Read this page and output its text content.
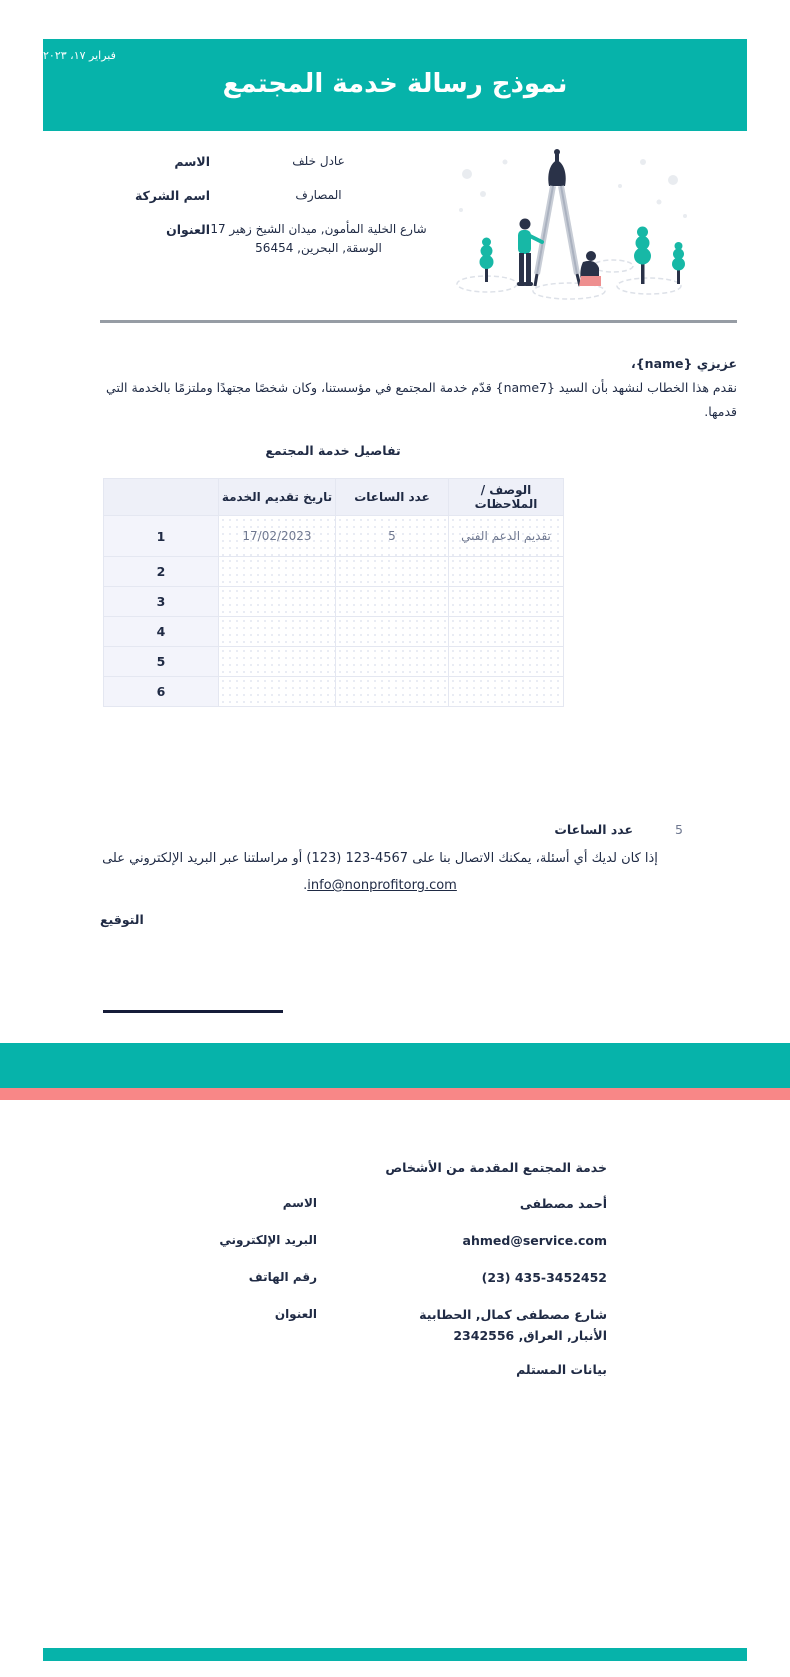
فبراير ١٧، ٢٠٢٣
نموذج رسالة خدمة المجتمع
الاسم	عادل خلف
اسم الشركة	المصارف
العنوان شارع الخلية المأمون, ميدان الشيخ زهير 17
الوسقة, البحرين, 56454
عزيزي {name}،
نقدم هذا الخطاب لنشهد بأن السيد {name7} قدّم خدمة المجتمع في مؤسستنا، وكان شخصًا مجتهدًا وملتزمًا بالخدمة التي قدمها.
تفاصيل خدمة المجتمع
	تاريخ تقديم الخدمة	عدد الساعات	الوصف / الملاحظات
1	17/02/2023	5	تقديم الدعم الفني
2			
3			
4			
5			
6			
عدد الساعات	5
إذا كان لديك أي أسئلة، يمكنك الاتصال بنا على (123) 123-4567 أو مراسلتنا عبر البريد الإلكتروني على
info@nonprofitorg.com.
التوقيع
خدمة المجتمع المقدمة من الأشخاص
الاسم	أحمد مصطفى
البريد الإلكتروني	ahmed@service.com
رقم الهاتف	(23) 435-3452452
العنوان	شارع مصطفى كمال, الحطابية
الأنبار, العراق, 2342556
بيانات المستلم
